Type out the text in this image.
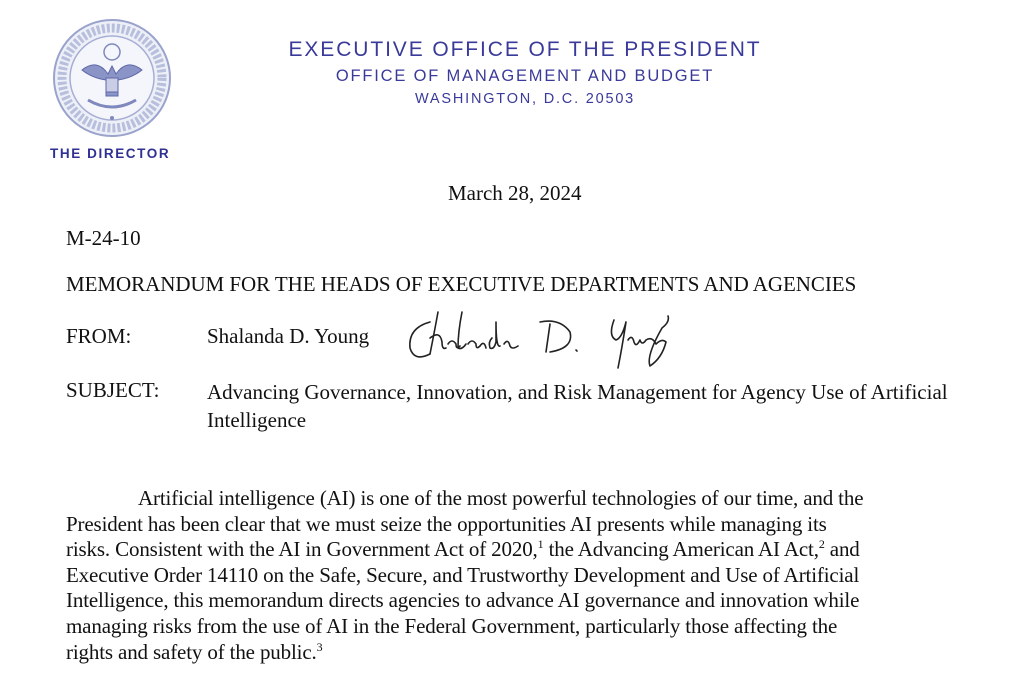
THE DIRECTOR
EXECUTIVE OFFICE OF THE PRESIDENT
OFFICE OF MANAGEMENT AND BUDGET
WASHINGTON, D.C. 20503
March 28, 2024
M-24-10
MEMORANDUM FOR THE HEADS OF EXECUTIVE DEPARTMENTS AND AGENCIES
FROM:	Shalanda D. Young
SUBJECT: Advancing Governance, Innovation, and Risk Management for Agency Use of Artificial Intelligence
Artificial intelligence (AI) is one of the most powerful technologies of our time, and the
President has been clear that we must seize the opportunities AI presents while managing its
risks. Consistent with the AI in Government Act of 2020,$^1$ the Advancing American AI Act,$^2$ and
Executive Order 14110 on the Safe, Secure, and Trustworthy Development and Use of Artificial
Intelligence, this memorandum directs agencies to advance AI governance and innovation while
managing risks from the use of AI in the Federal Government, particularly those affecting the
rights and safety of the public.$^3$
